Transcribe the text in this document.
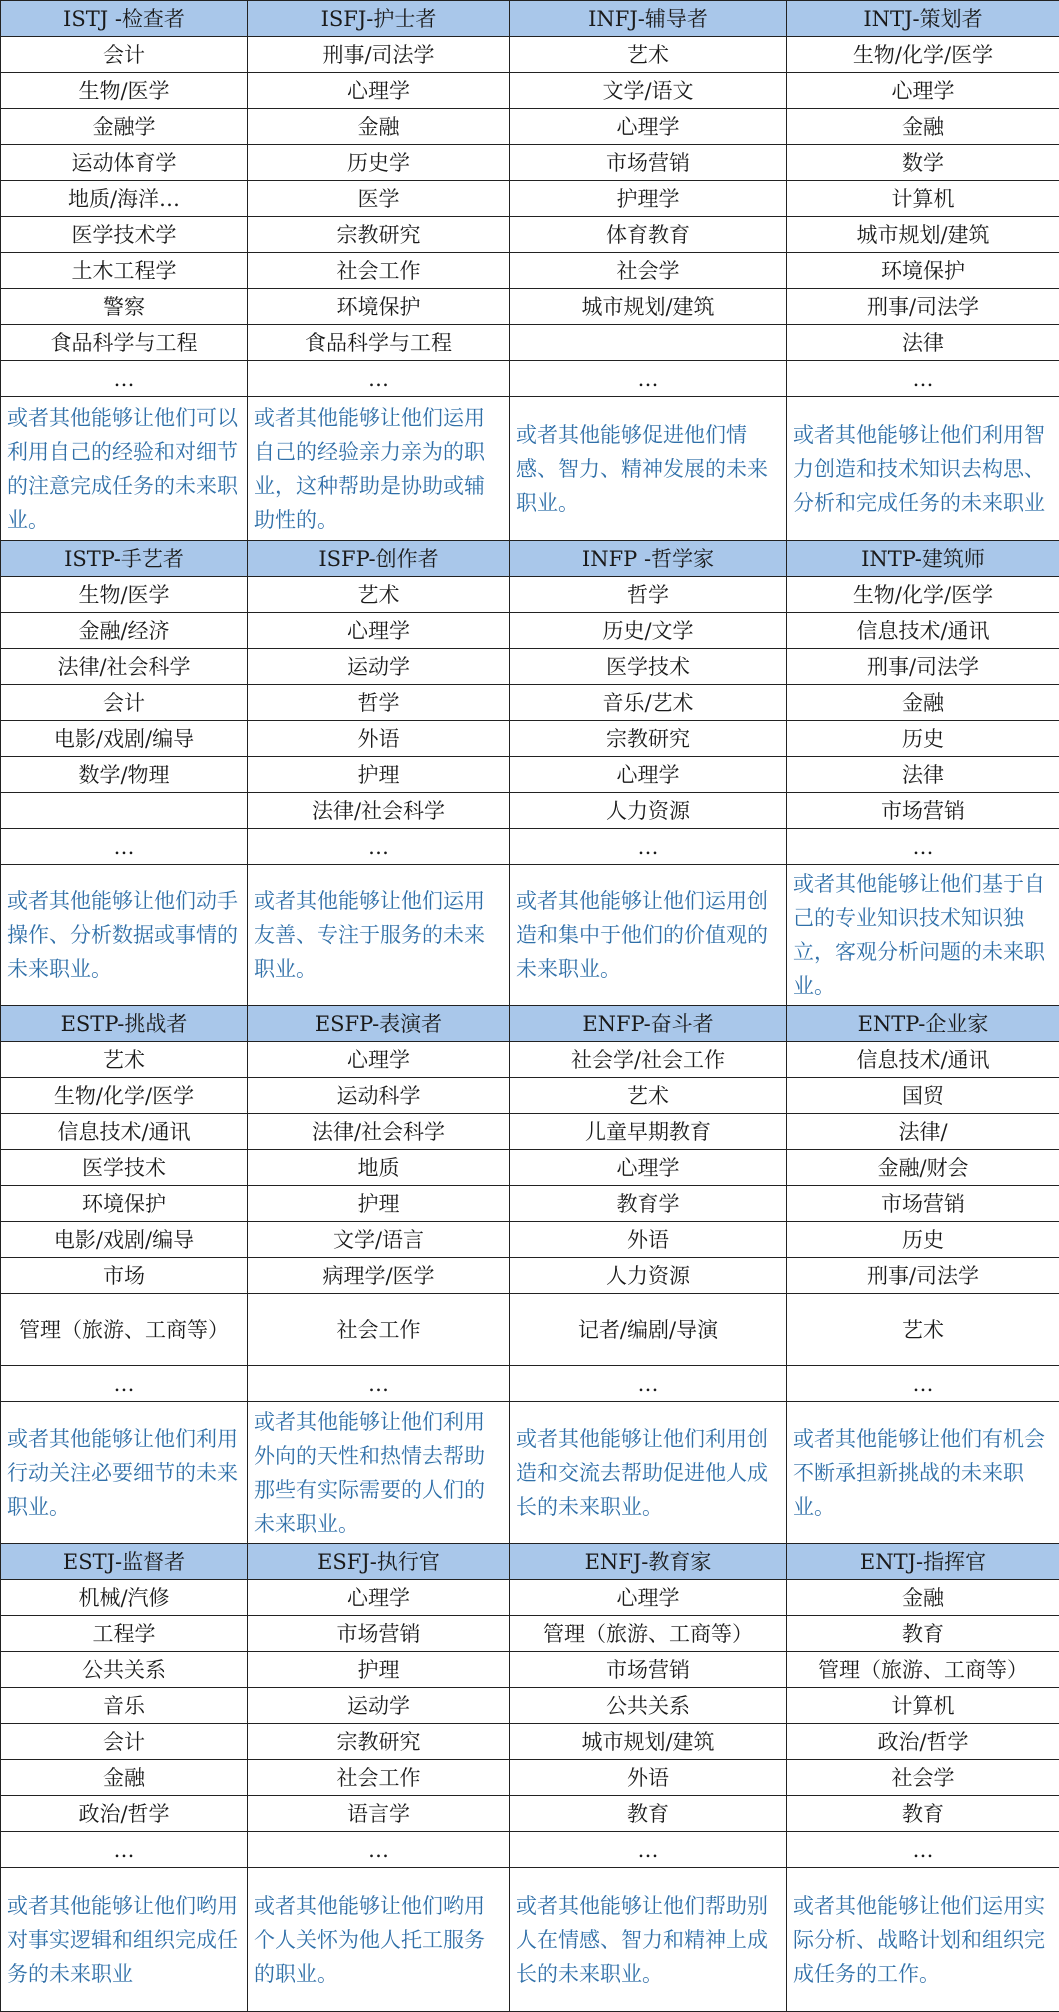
ISTJ -检查者	ISFJ-护士者	INFJ-辅导者	INTJ-策划者
会计	刑事/司法学	艺术	生物/化学/医学
生物/医学	心理学	文学/语文	心理学
金融学	金融	心理学	金融
运动体育学	历史学	市场营销	数学
地质/海洋…	医学	护理学	计算机
医学技术学	宗教研究	体育教育	城市规划/建筑
土木工程学	社会工作	社会学	环境保护
警察	环境保护	城市规划/建筑	刑事/司法学
食品科学与工程	食品科学与工程		法律
…	…	…	…
或者其他能够让他们可以利用自己的经验和对细节的注意完成任务的未来职业。	或者其他能够让他们运用自己的经验亲力亲为的职业，这种帮助是协助或辅助性的。	或者其他能够促进他们情感、智力、精神发展的未来职业。	或者其他能够让他们利用智力创造和技术知识去构思、分析和完成任务的未来职业
ISTP-手艺者	ISFP-创作者	INFP -哲学家	INTP-建筑师
生物/医学	艺术	哲学	生物/化学/医学
金融/经济	心理学	历史/文学	信息技术/通讯
法律/社会科学	运动学	医学技术	刑事/司法学
会计	哲学	音乐/艺术	金融
电影/戏剧/编导	外语	宗教研究	历史
数学/物理	护理	心理学	法律
	法律/社会科学	人力资源	市场营销
…	…	…	…
或者其他能够让他们动手操作、分析数据或事情的未来职业。	或者其他能够让他们运用友善、专注于服务的未来职业。	或者其他能够让他们运用创造和集中于他们的价值观的未来职业。	或者其他能够让他们基于自己的专业知识技术知识独立，客观分析问题的未来职业。
ESTP-挑战者	ESFP-表演者	ENFP-奋斗者	ENTP-企业家
艺术	心理学	社会学/社会工作	信息技术/通讯
生物/化学/医学	运动科学	艺术	国贸
信息技术/通讯	法律/社会科学	儿童早期教育	法律/
医学技术	地质	心理学	金融/财会
环境保护	护理	教育学	市场营销
电影/戏剧/编导	文学/语言	外语	历史
市场	病理学/医学	人力资源	刑事/司法学
管理（旅游、工商等）	社会工作	记者/编剧/导演	艺术
…	…	…	…
或者其他能够让他们利用行动关注必要细节的未来职业。	或者其他能够让他们利用外向的天性和热情去帮助那些有实际需要的人们的未来职业。	或者其他能够让他们利用创造和交流去帮助促进他人成长的未来职业。	或者其他能够让他们有机会不断承担新挑战的未来职业。
ESTJ-监督者	ESFJ-执行官	ENFJ-教育家	ENTJ-指挥官
机械/汽修	心理学	心理学	金融
工程学	市场营销	管理（旅游、工商等）	教育
公共关系	护理	市场营销	管理（旅游、工商等）
音乐	运动学	公共关系	计算机
会计	宗教研究	城市规划/建筑	政治/哲学
金融	社会工作	外语	社会学
政治/哲学	语言学	教育	教育
…	…	…	…
或者其他能够让他们哟用对事实逻辑和组织完成任务的未来职业	或者其他能够让他们哟用个人关怀为他人托工服务的职业。	或者其他能够让他们帮助别人在情感、智力和精神上成长的未来职业。	或者其他能够让他们运用实际分析、战略计划和组织完成任务的工作。
